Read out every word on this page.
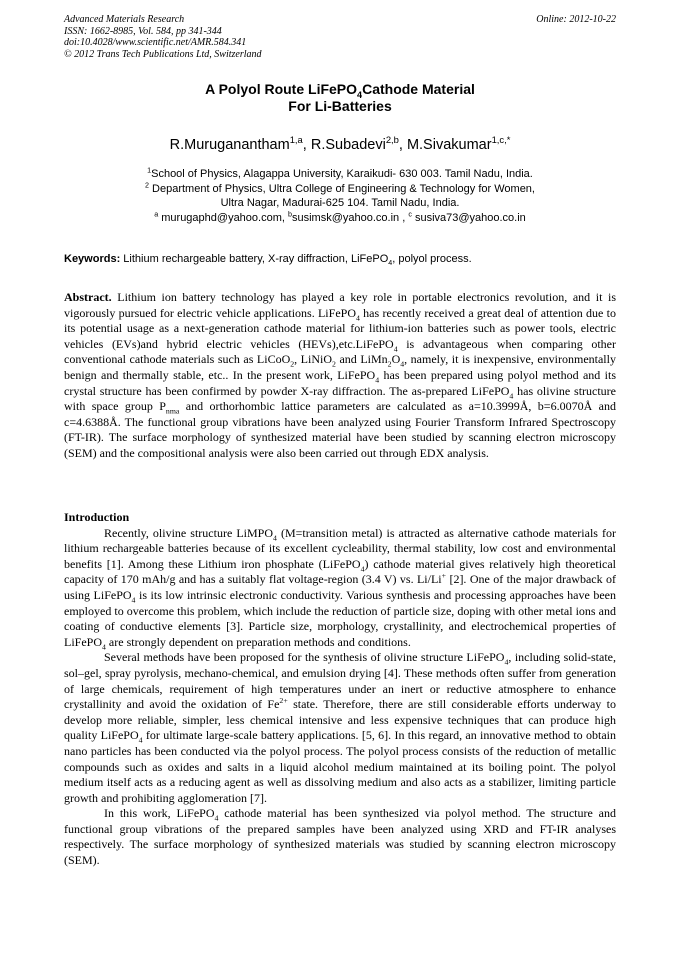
Advanced Materials Research
ISSN: 1662-8985, Vol. 584, pp 341-344
doi:10.4028/www.scientific.net/AMR.584.341
© 2012 Trans Tech Publications Ltd, Switzerland
Online: 2012-10-22
A Polyol Route LiFePO$_4$Cathode Material
For Li-Batteries
R.Muruganantham$^{1,a}$, R.Subadevi$^{2,b}$, M.Sivakumar$^{1,c,*}$
$^1$School of Physics, Alagappa University, Karaikudi- 630 003. Tamil Nadu, India.
$^2$ Department of Physics, Ultra College of Engineering & Technology for Women,
Ultra Nagar, Madurai-625 104. Tamil Nadu, India.
$^a$ murugaphd@yahoo.com, $^b$susimsk@yahoo.co.in , $^c$ susiva73@yahoo.co.in
Keywords: Lithium rechargeable battery, X-ray diffraction, LiFePO$_4$, polyol process.

Abstract. Lithium ion battery technology has played a key role in portable electronics revolution, and it is vigorously pursued for electric vehicle applications. LiFePO$_4$ has recently received a great deal of attention due to its potential usage as a next-generation cathode material for lithium-ion batteries such as power tools, electric vehicles (EVs)and hybrid electric vehicles (HEVs),etc.LiFePO$_4$ is advantageous when comparing other conventional cathode materials such as LiCoO$_2$, LiNiO$_2$ and $LiMn_2O_4$, namely, it is inexpensive, environmentally benign and thermally stable, etc.. In the present work, LiFePO$_4$ has been prepared using polyol method and its crystal structure has been confirmed by powder X-ray diffraction. The as-prepared LiFePO$_4$ has olivine structure with space group $P_{nma}$ and orthorhombic lattice parameters are calculated as a=10.3999Å, b=6.0070Å and c=4.6388Å. The functional group vibrations have been analyzed using Fourier Transform Infrared Spectroscopy (FT-IR). The surface morphology of synthesized material have been studied by scanning electron microscopy (SEM) and the compositional analysis were also been carried out through EDX analysis.

Introduction

Recently, olivine structure LiMPO$_4$ (M=transition metal) is attracted as alternative cathode materials for lithium rechargeable batteries because of its excellent cycleability, thermal stability, low cost and environmental benefits [1]. Among these Lithium iron phosphate (LiFePO$_4$) cathode material gives relatively high theoretical capacity of 170 mAh/g and has a suitably flat voltage-region (3.4 V) vs. Li/Li+ [2]. One of the major drawback of using LiFePO$_4$ is its low intrinsic electronic conductivity. Various synthesis and processing approaches have been employed to overcome this problem, which include the reduction of particle size, doping with other metal ions and coating of conductive elements [3]. Particle size, morphology, crystallinity, and electrochemical properties of LiFePO$_4$ are strongly dependent on preparation methods and conditions.

Several methods have been proposed for the synthesis of olivine structure LiFePO$_4$, including solid-state, sol–gel, spray pyrolysis, mechano-chemical, and emulsion drying [4]. These methods often suffer from generation of large chemicals, requirement of high temperatures under an inert or reductive atmosphere to enhance crystallinity and avoid the oxidation of $Fe^{2+}$ state. Therefore, there are still considerable efforts underway to develop more reliable, simpler, less chemical intensive and less expensive techniques that can produce high quality LiFePO$_4$ for ultimate large-scale battery applications. [5, 6]. In this regard, an innovative method to obtain nano particles has been conducted via the polyol process. The polyol process consists of the reduction of metallic compounds such as oxides and salts in a liquid alcohol medium maintained at its boiling point. The polyol medium itself acts as a reducing agent as well as dissolving medium and also acts as a stabilizer, limiting particle growth and prohibiting agglomeration [7].

In this work, LiFePO$_4$ cathode material has been synthesized via polyol method. The structure and functional group vibrations of the prepared samples have been analyzed using XRD and FT-IR analyses respectively. The surface morphology of synthesized materials was studied by scanning electron microscopy (SEM).
